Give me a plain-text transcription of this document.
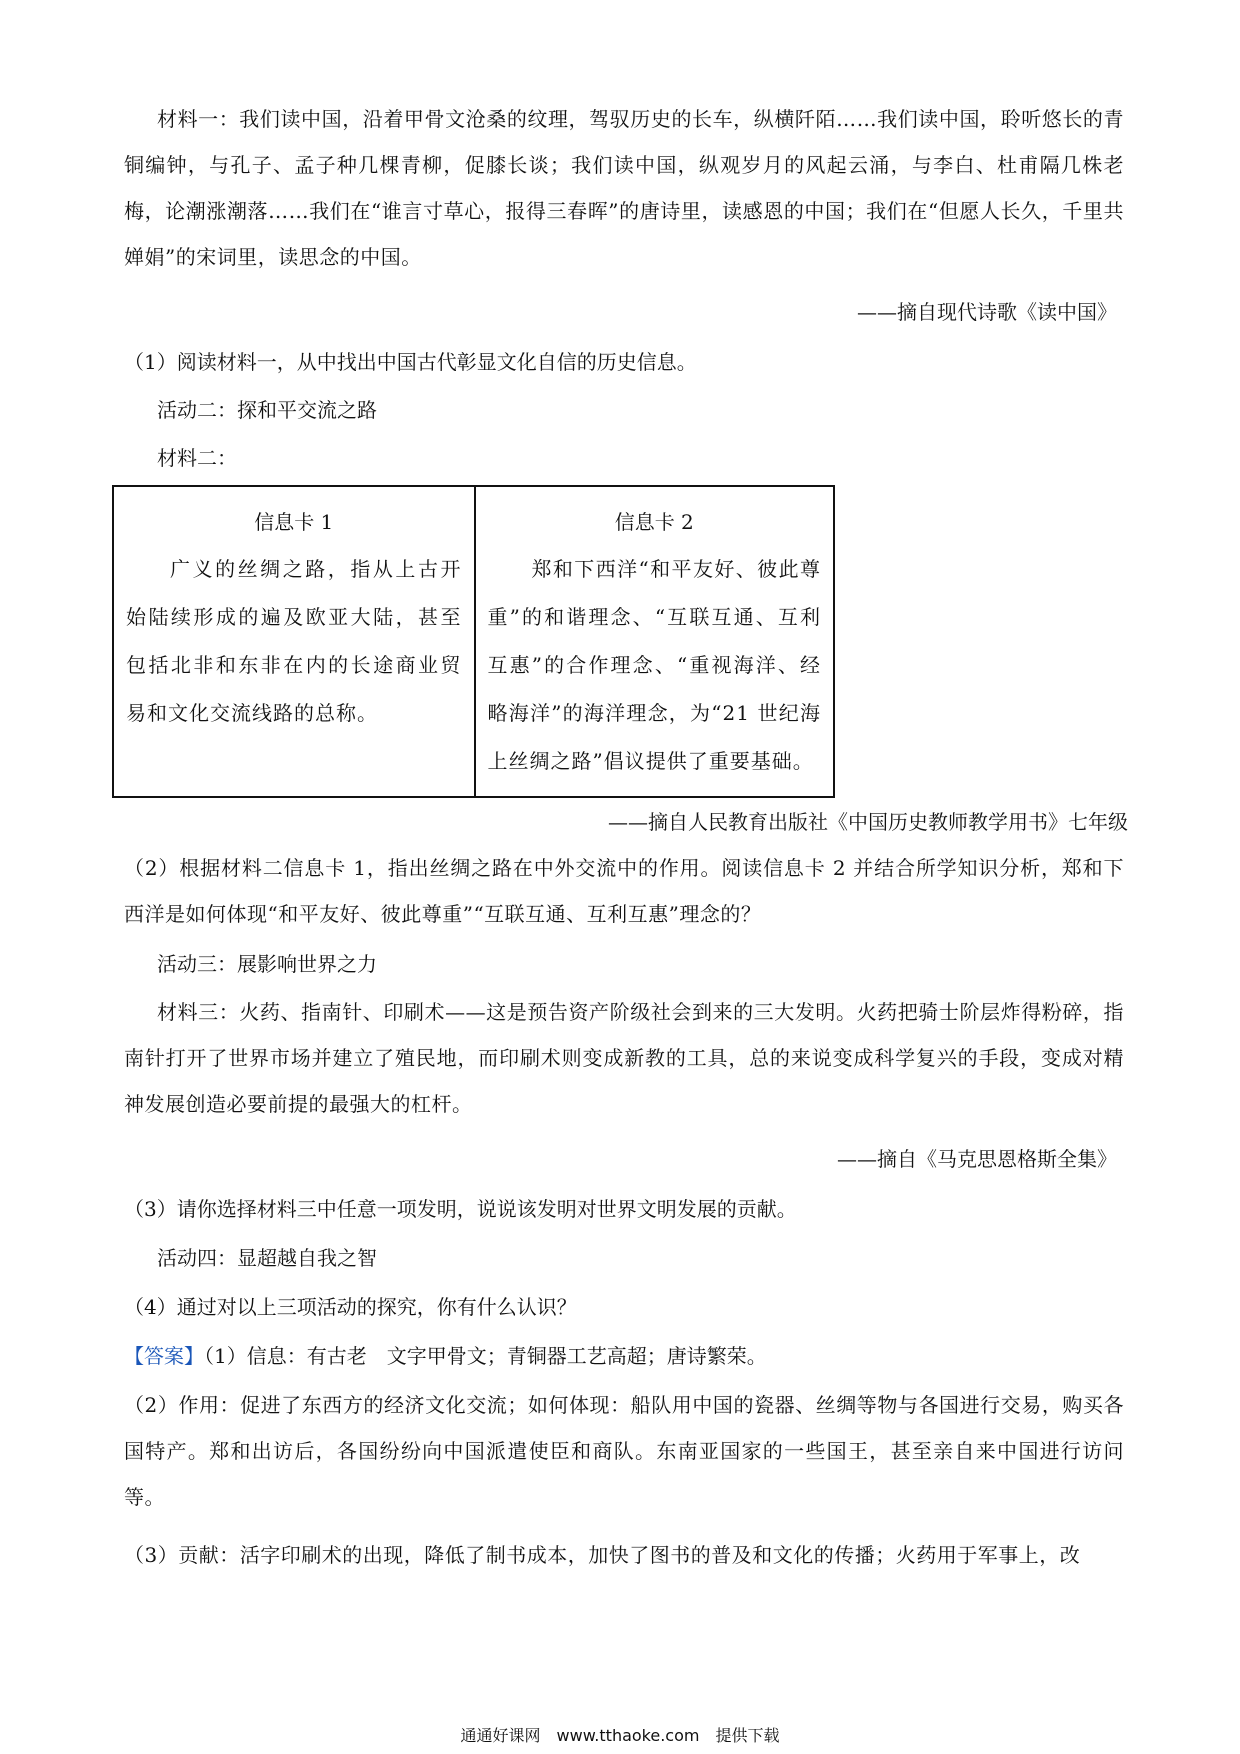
材料一：我们读中国，沿着甲骨文沧桑的纹理，驾驭历史的长车，纵横阡陌……我们读中国，聆听悠长的青铜编钟，与孔子、孟子种几棵青柳，促膝长谈；我们读中国，纵观岁月的风起云涌，与李白、杜甫隔几株老梅，论潮涨潮落……我们在“谁言寸草心，报得三春晖”的唐诗里，读感恩的中国；我们在“但愿人长久，千里共婵娟”的宋词里，读思念的中国。
——摘自现代诗歌《读中国》
（1）阅读材料一，从中找出中国古代彰显文化自信的历史信息。
活动二：探和平交流之路
材料二：
信息卡 1
广义的丝绸之路，指从上古开始陆续形成的遍及欧亚大陆，甚至包括北非和东非在内的长途商业贸易和文化交流线路的总称。
信息卡 2
郑和下西洋“和平友好、彼此尊重”的和谐理念、“互联互通、互利互惠”的合作理念、“重视海洋、经略海洋”的海洋理念，为“21 世纪海上丝绸之路”倡议提供了重要基础。
——摘自人民教育出版社《中国历史教师教学用书》七年级
（2）根据材料二信息卡 1，指出丝绸之路在中外交流中的作用。阅读信息卡 2 并结合所学知识分析，郑和下西洋是如何体现“和平友好、彼此尊重”“互联互通、互利互惠”理念的？
活动三：展影响世界之力
材料三：火药、指南针、印刷术——这是预告资产阶级社会到来的三大发明。火药把骑士阶层炸得粉碎，指南针打开了世界市场并建立了殖民地，而印刷术则变成新教的工具，总的来说变成科学复兴的手段，变成对精神发展创造必要前提的最强大的杠杆。
——摘自《马克思恩格斯全集》
（3）请你选择材料三中任意一项发明，说说该发明对世界文明发展的贡献。
活动四：显超越自我之智
（4）通过对以上三项活动的探究，你有什么认识？
【答案】（1）信息：有古老　文字甲骨文；青铜器工艺高超；唐诗繁荣。
（2）作用：促进了东西方的经济文化交流；如何体现：船队用中国的瓷器、丝绸等物与各国进行交易，购买各国特产。郑和出访后，各国纷纷向中国派遣使臣和商队。东南亚国家的一些国王，甚至亲自来中国进行访问等。
（3）贡献：活字印刷术的出现，降低了制书成本，加快了图书的普及和文化的传播；火药用于军事上，改
通通好课网　www.tthaoke.com　提供下载
